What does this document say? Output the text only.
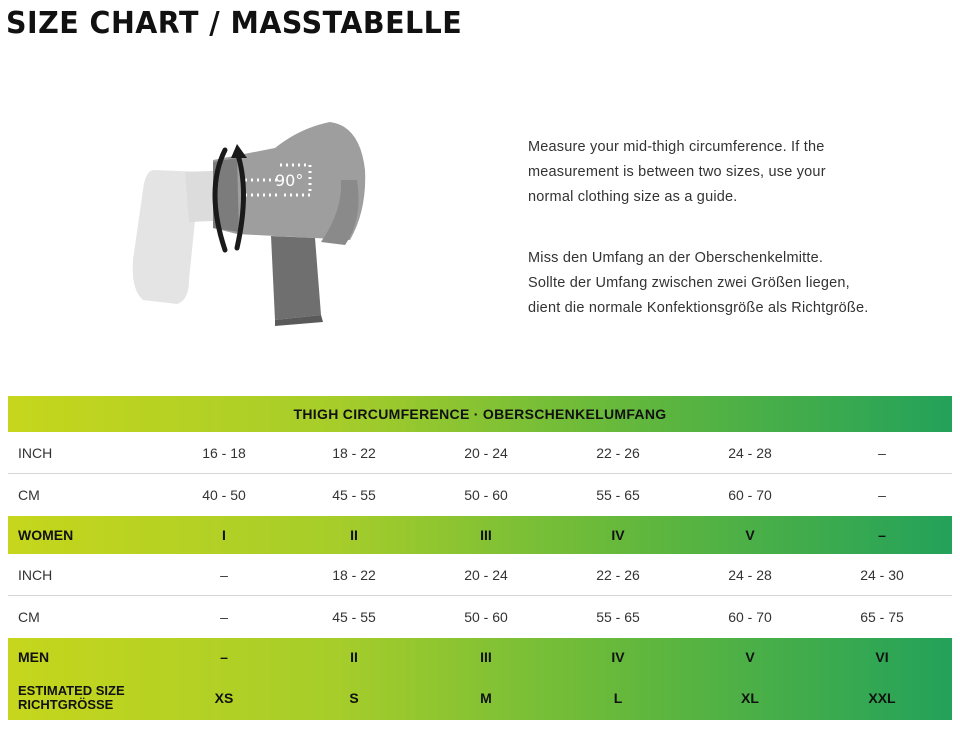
SIZE CHART / MASSTABELLE
90°

Measure your mid-thigh circumference. If the
measurement is between two sizes, use your
normal clothing size as a guide.

Miss den Umfang an der Oberschenkelmitte.
Sollte der Umfang zwischen zwei Größen liegen,
dient die normale Konfektionsgröße als Richtgröße.

THIGH CIRCUMFERENCE · OBERSCHENKELUMFANG
INCH	16 - 18	18 - 22	20 - 24	22 - 26	24 - 28	–
CM	40 - 50	45 - 55	50 - 60	55 - 65	60 - 70	–
WOMEN	I	II	III	IV	V	–
INCH	–	18 - 22	20 - 24	22 - 26	24 - 28	24 - 30
CM	–	45 - 55	50 - 60	55 - 65	60 - 70	65 - 75
MEN	–	II	III	IV	V	VI
ESTIMATED SIZE
RICHTGRÖSSE	XS	S	M	L	XL	XXL
